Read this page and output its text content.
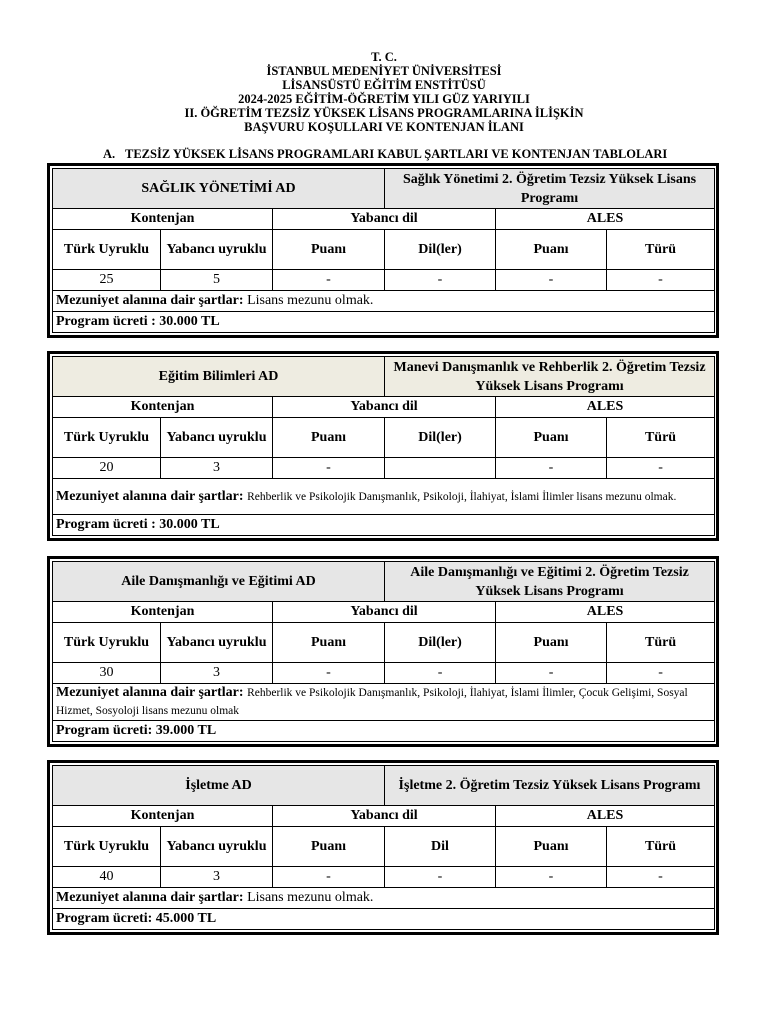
T. C.
İSTANBUL MEDENİYET ÜNİVERSİTESİ
LİSANSÜSTÜ EĞİTİM ENSTİTÜSÜ
2024-2025 EĞİTİM-ÖĞRETİM YILI GÜZ YARIYILI
II. ÖĞRETİM TEZSİZ YÜKSEK LİSANS PROGRAMLARINA İLİŞKİN
BAŞVURU KOŞULLARI VE KONTENJAN İLANI
A. TEZSİZ YÜKSEK LİSANS PROGRAMLARI KABUL ŞARTLARI VE KONTENJAN TABLOLARI
SAĞLIK YÖNETİMİ AD			Sağlık Yönetimi 2. Öğretim Tezsiz Yüksek Lisans Programı		
Kontenjan		Yabancı dil		ALES	
Türk Uyruklu	Yabancı uyruklu	Puanı	Dil(ler)	Puanı	Türü
25	5	-	-	-	-
Mezuniyet alanına dair şartlar: Lisans mezunu olmak.					
Program ücreti : 30.000 TL					
Eğitim Bilimleri AD			Manevi Danışmanlık ve Rehberlik 2. Öğretim Tezsiz Yüksek Lisans Programı		
Kontenjan		Yabancı dil		ALES	
Türk Uyruklu	Yabancı uyruklu	Puanı	Dil(ler)	Puanı	Türü
20	3	-		-	-
Mezuniyet alanına dair şartlar: Rehberlik ve Psikolojik Danışmanlık, Psikoloji, İlahiyat, İslami İlimler lisans mezunu olmak.					
Program ücreti : 30.000 TL					
Aile Danışmanlığı ve Eğitimi AD			Aile Danışmanlığı ve Eğitimi 2. Öğretim Tezsiz Yüksek Lisans Programı		
Kontenjan		Yabancı dil		ALES	
Türk Uyruklu	Yabancı uyruklu	Puanı	Dil(ler)	Puanı	Türü
30	3	-	-	-	-
Mezuniyet alanına dair şartlar: Rehberlik ve Psikolojik Danışmanlık, Psikoloji, İlahiyat, İslami İlimler, Çocuk Gelişimi, Sosyal Hizmet, Sosyoloji lisans mezunu olmak					
Program ücreti: 39.000 TL					
İşletme AD			İşletme 2. Öğretim Tezsiz Yüksek Lisans Programı		
Kontenjan		Yabancı dil		ALES	
Türk Uyruklu	Yabancı uyruklu	Puanı	Dil	Puanı	Türü
40	3	-	-	-	-
Mezuniyet alanına dair şartlar: Lisans mezunu olmak.					
Program ücreti: 45.000 TL					
